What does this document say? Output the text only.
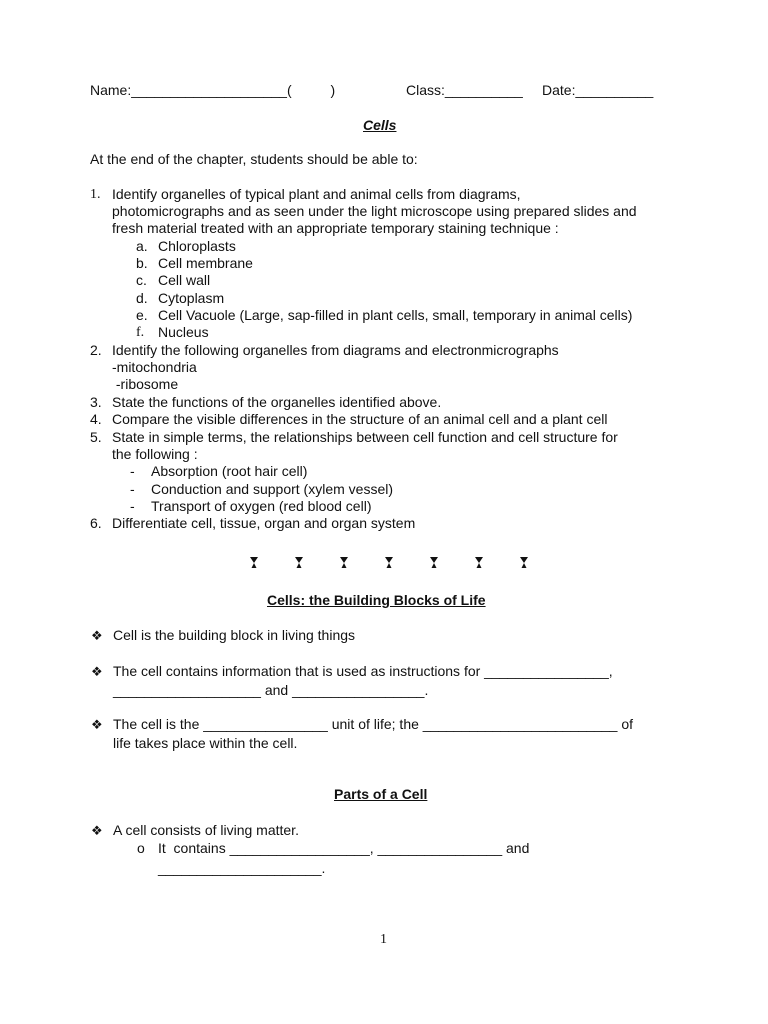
Name:____________________(          )	Class:__________ Date:__________
Cells
At the end of the chapter, students should be able to:
1. Identify organelles of typical plant and animal cells from diagrams,
photomicrographs and as seen under the light microscope using prepared slides and
fresh material treated with an appropriate temporary staining technique :
a. Chloroplasts
b. Cell membrane
c. Cell wall
d. Cytoplasm
e. Cell Vacuole (Large, sap-filled in plant cells, small, temporary in animal cells)
f. Nucleus
2. Identify the following organelles from diagrams and electronmicrographs
-mitochondria
-ribosome
3. State the functions of the organelles identified above.
4. Compare the visible differences in the structure of an animal cell and a plant cell
5. State in simple terms, the relationships between cell function and cell structure for
the following :
- Absorption (root hair cell)
- Conduction and support (xylem vessel)
- Transport of oxygen (red blood cell)
6. Differentiate cell, tissue, organ and organ system
Cells: the Building Blocks of Life
❖ Cell is the building block in living things
❖ The cell contains information that is used as instructions for ________________,
___________________ and _________________.
❖ The cell is the ________________ unit of life; the _________________________ of
life takes place within the cell.
Parts of a Cell
❖ A cell consists of living matter.
o It  contains __________________, ________________ and
_____________________.
1
